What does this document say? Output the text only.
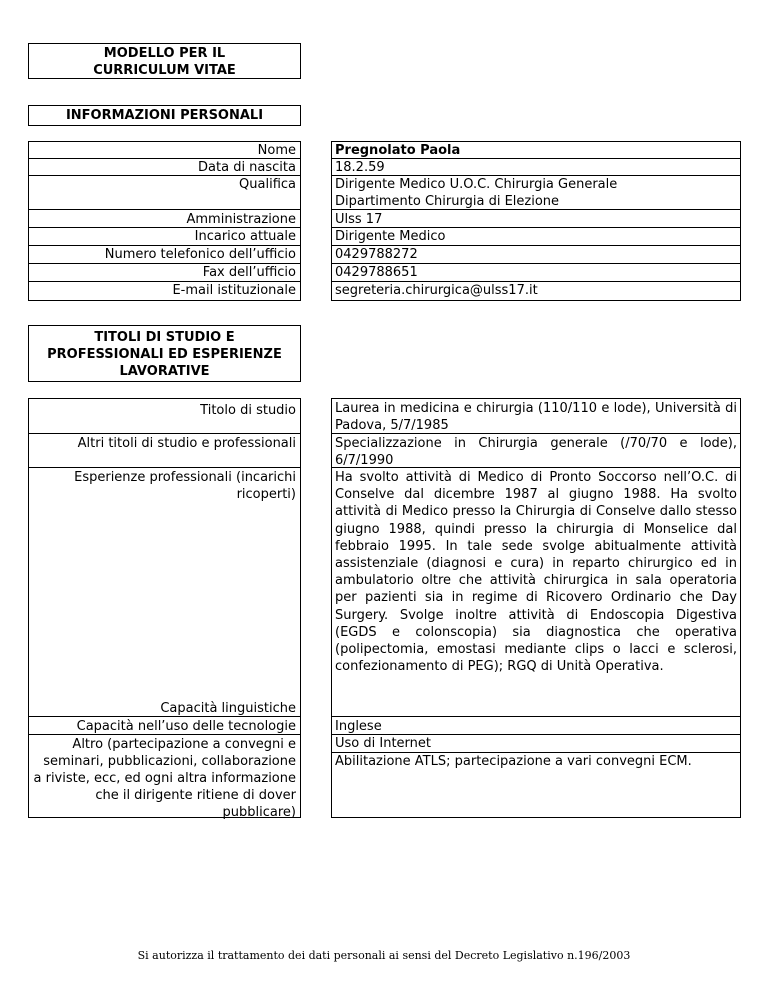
MODELLO PER IL
CURRICULUM VITAE
INFORMAZIONI PERSONALI
Nome
Data di nascita
Qualifica
Amministrazione
Incarico attuale
Numero telefonico dell’ufficio
Fax dell’ufficio
E-mail istituzionale
Pregnolato Paola
18.2.59
Dirigente Medico U.O.C. Chirurgia Generale
Dipartimento Chirurgia di Elezione
Ulss 17
Dirigente Medico
0429788272
0429788651
segreteria.chirurgica@ulss17.it
TITOLI DI STUDIO E
PROFESSIONALI ED ESPERIENZE
LAVORATIVE
Titolo di studio
Altri titoli di studio e professionali
Esperienze professionali (incarichi
ricoperti)
Capacità linguistiche
Capacità nell’uso delle tecnologie
Altro (partecipazione a convegni e seminari, pubblicazioni, collaborazione a riviste, ecc, ed ogni altra informazione che il dirigente ritiene di dover pubblicare)
Laurea in medicina e chirurgia (110/110 e lode), Università di Padova, 5/7/1985
Specializzazione in Chirurgia generale (/70/70 e lode), 6/7/1990
Ha svolto attività di Medico di Pronto Soccorso nell’O.C. di Conselve dal dicembre 1987 al giugno 1988. Ha svolto attività di Medico presso la Chirurgia di Conselve dallo stesso giugno 1988, quindi presso la chirurgia di Monselice dal febbraio 1995. In tale sede svolge abitualmente attività assistenziale (diagnosi e cura) in reparto chirurgico ed in ambulatorio oltre che attività chirurgica in sala operatoria per pazienti sia in regime di Ricovero Ordinario che Day Surgery. Svolge inoltre attività di Endoscopia Digestiva (EGDS e colonscopia) sia diagnostica che operativa (polipectomia, emostasi mediante clips o lacci e sclerosi, confezionamento di PEG); RGQ di Unità Operativa.
Inglese
Uso di Internet
Abilitazione ATLS; partecipazione a vari convegni ECM.
Si autorizza il trattamento dei dati personali ai sensi del Decreto Legislativo n.196/2003
